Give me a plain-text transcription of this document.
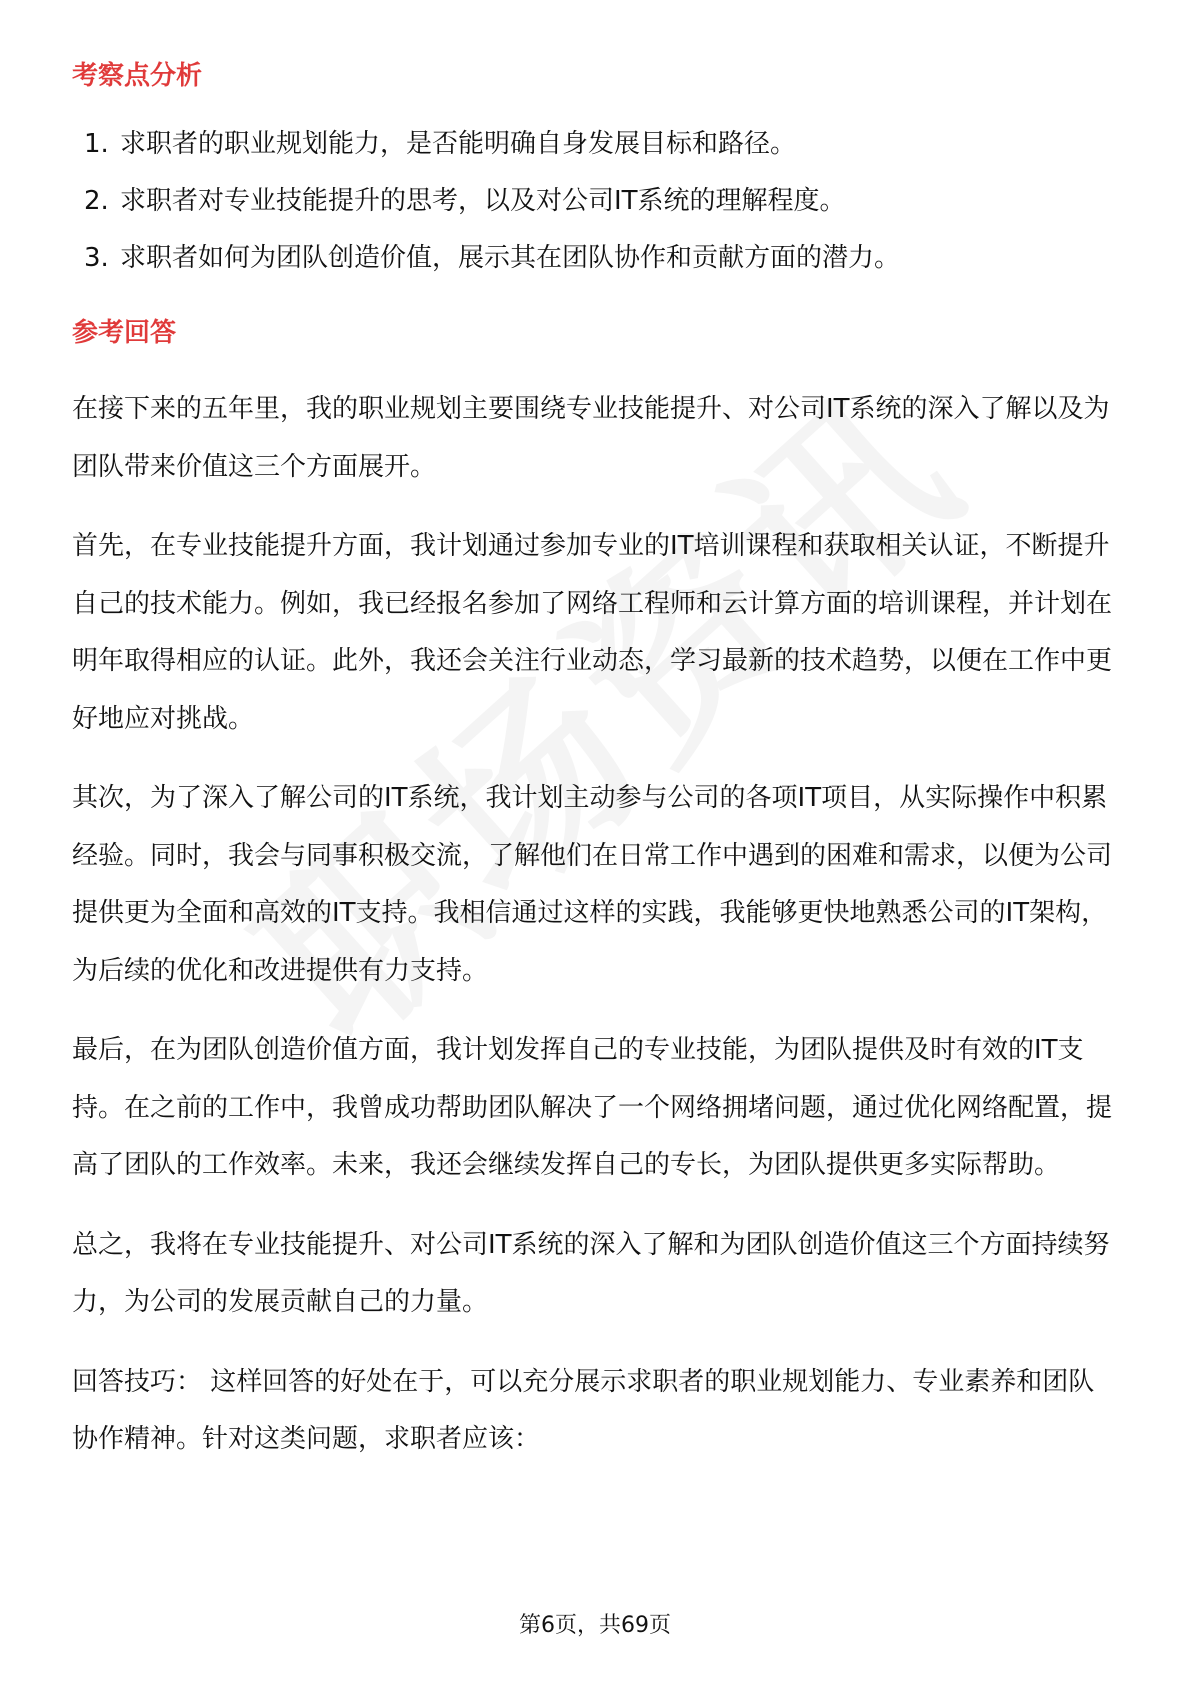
考察点分析
1. 求职者的职业规划能力，是否能明确自身发展目标和路径。
2. 求职者对专业技能提升的思考，以及对公司IT系统的理解程度。
3. 求职者如何为团队创造价值，展示其在团队协作和贡献方面的潜力。
参考回答

在接下来的五年里，我的职业规划主要围绕专业技能提升、对公司IT系统的深入了解以及为团队带来价值这三个方面展开。

首先，在专业技能提升方面，我计划通过参加专业的IT培训课程和获取相关认证，不断提升自己的技术能力。例如，我已经报名参加了网络工程师和云计算方面的培训课程，并计划在明年取得相应的认证。此外，我还会关注行业动态，学习最新的技术趋势，以便在工作中更好地应对挑战。

其次，为了深入了解公司的IT系统，我计划主动参与公司的各项IT项目，从实际操作中积累经验。同时，我会与同事积极交流，了解他们在日常工作中遇到的困难和需求，以便为公司提供更为全面和高效的IT支持。我相信通过这样的实践，我能够更快地熟悉公司的IT架构，为后续的优化和改进提供有力支持。

最后，在为团队创造价值方面，我计划发挥自己的专业技能，为团队提供及时有效的IT支持。在之前的工作中，我曾成功帮助团队解决了一个网络拥堵问题，通过优化网络配置，提高了团队的工作效率。未来，我还会继续发挥自己的专长，为团队提供更多实际帮助。

总之，我将在专业技能提升、对公司IT系统的深入了解和为团队创造价值这三个方面持续努力，为公司的发展贡献自己的力量。

回答技巧： 这样回答的好处在于，可以充分展示求职者的职业规划能力、专业素养和团队协作精神。针对这类问题，求职者应该：

第6页，共69页
